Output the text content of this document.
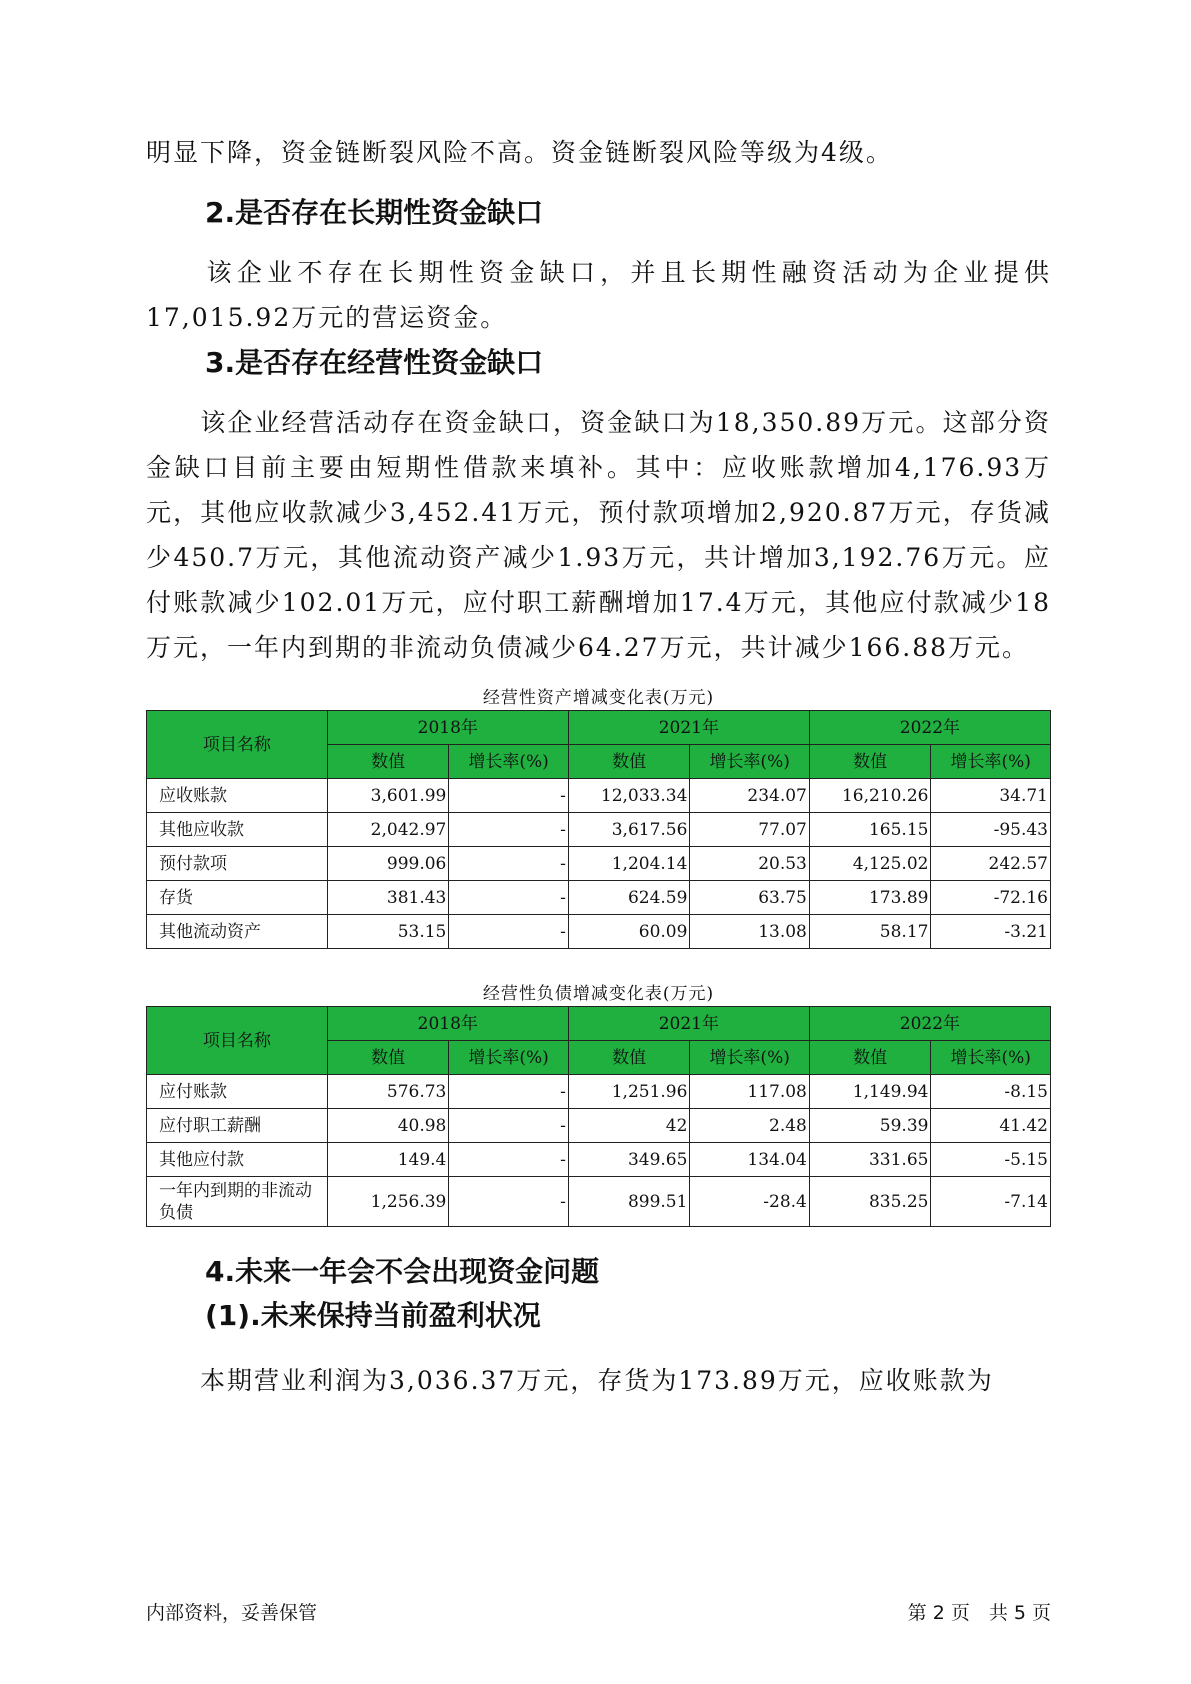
明显下降，资金链断裂风险不高。资金链断裂风险等级为4级。

2.是否存在长期性资金缺口

　　该企业不存在长期性资金缺口，并且长期性融资活动为企业提供17,015.92万元的营运资金。

3.是否存在经营性资金缺口

　　该企业经营活动存在资金缺口，资金缺口为18,350.89万元。这部分资金缺口目前主要由短期性借款来填补。其中：应收账款增加4,176.93万元，其他应收款减少3,452.41万元，预付款项增加2,920.87万元，存货减少450.7万元，其他流动资产减少1.93万元，共计增加3,192.76万元。应付账款减少102.01万元，应付职工薪酬增加17.4万元，其他应付款减少18万元，一年内到期的非流动负债减少64.27万元，共计减少166.88万元。

经营性资产增减变化表(万元)
项目名称	2018年		2021年		2022年	
	数值	增长率(%)	数值	增长率(%)	数值	增长率(%)
应收账款	3,601.99	-	12,033.34	234.07	16,210.26	34.71
其他应收款	2,042.97	-	3,617.56	77.07	165.15	-95.43
预付款项	999.06	-	1,204.14	20.53	4,125.02	242.57
存货	381.43	-	624.59	63.75	173.89	-72.16
其他流动资产	53.15	-	60.09	13.08	58.17	-3.21
经营性负债增减变化表(万元)
项目名称	2018年		2021年		2022年	
	数值	增长率(%)	数值	增长率(%)	数值	增长率(%)
应付账款	576.73	-	1,251.96	117.08	1,149.94	-8.15
应付职工薪酬	40.98	-	42	2.48	59.39	41.42
其他应付款	149.4	-	349.65	134.04	331.65	-5.15
一年内到期的非流动负债	1,256.39	-	899.51	-28.4	835.25	-7.14
4.未来一年会不会出现资金问题
(1).未来保持当前盈利状况

　　本期营业利润为3,036.37万元，存货为173.89万元，应收账款为

内部资料，妥善保管	第 2 页　共 5 页
